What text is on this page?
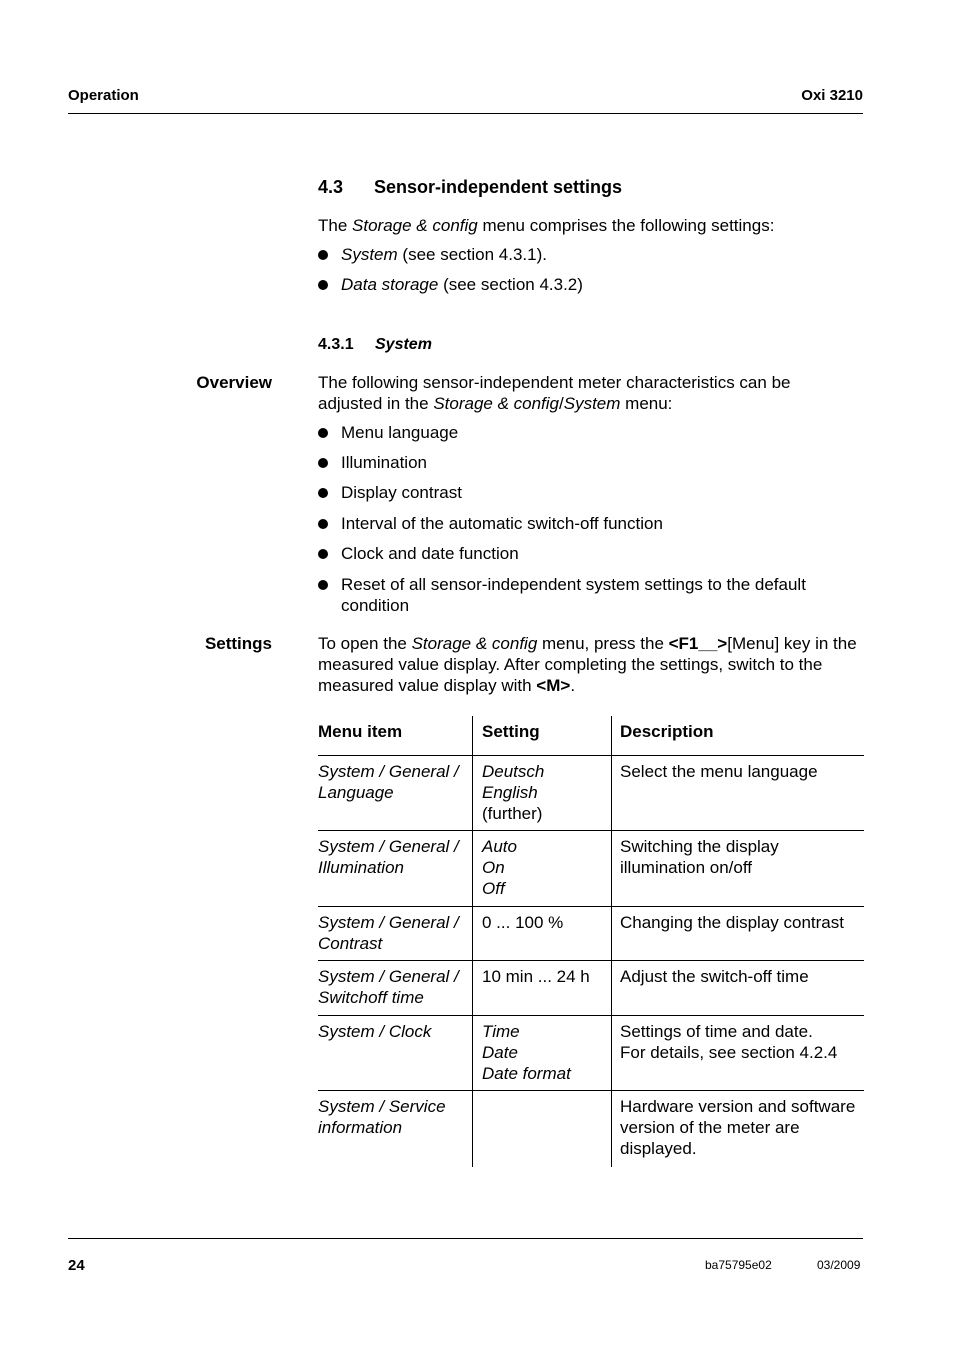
Operation	Oxi 3210
4.3 Sensor-independent settings
The Storage & config menu comprises the following settings:
System (see section 4.3.1).
Data storage (see section 4.3.2)
4.3.1 System
Overview	The following sensor-independent meter characteristics can be
adjusted in the Storage & config/System menu:
Menu language
Illumination
Display contrast
Interval of the automatic switch-off function
Clock and date function
Reset of all sensor-independent system settings to the default condition
Settings	To open the Storage & config menu, press the <F1__>[Menu] key in the measured value display. After completing the settings, switch to the measured value display with <M>.
Menu item	Setting	Description

System / General /
Language	Deutsch
English
(further)	Select the menu language

System / General /
Illumination	Auto
On
Off	Switching the display
illumination on/off

System / General /
Contrast	0 ... 100 %	Changing the display contrast

System / General /
Switchoff time	10 min ... 24 h	Adjust the switch-off time

System / Clock	Time
Date
Date format	Settings of time and date.
For details, see section 4.2.4

System / Service
information		Hardware version and software
version of the meter are
displayed.
24	ba75795e02	03/2009
